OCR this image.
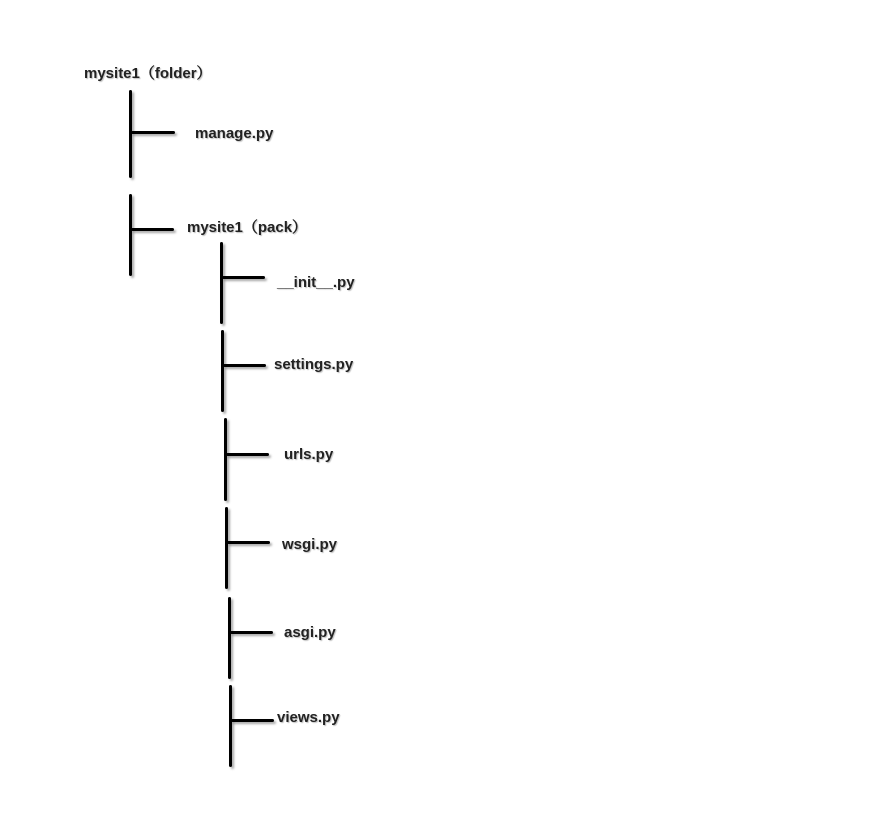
mysite1（folder）
manage.py
mysite1（pack）
__init__.py
settings.py
urls.py
wsgi.py
asgi.py
views.py
